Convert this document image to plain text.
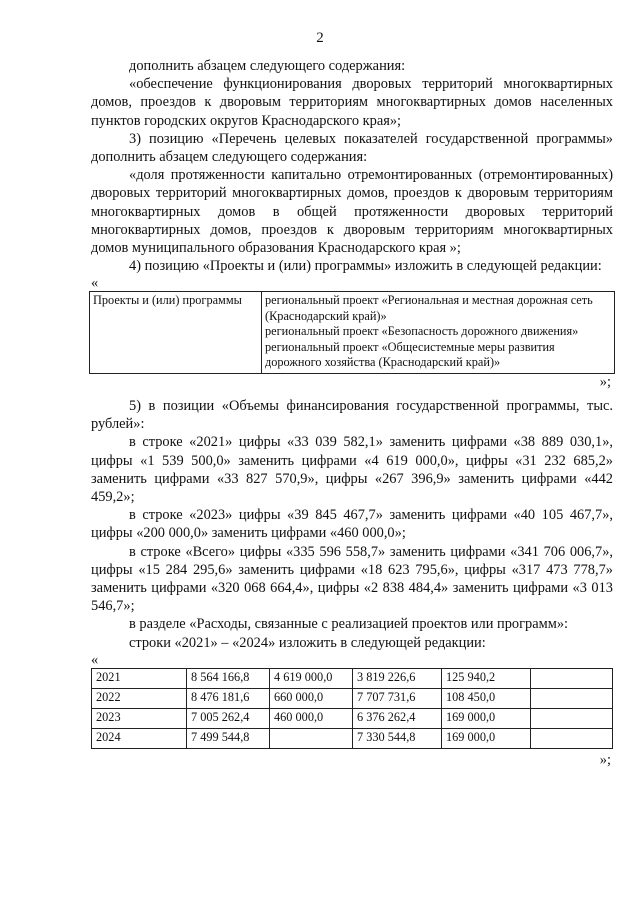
2

дополнить абзацем следующего содержания:

«обеспечение функционирования дворовых территорий многоквартирных домов, проездов к дворовым территориям многоквартирных домов населенных пунктов городских округов Краснодарского края»;

3) позицию «Перечень целевых показателей государственной программы» дополнить абзацем следующего содержания:

«доля протяженности капитально отремонтированных (отремонтированных) дворовых территорий многоквартирных домов, проездов к дворовым территориям многоквартирных домов в общей протяженности дворовых территорий многоквартирных домов, проездов к дворовым территориям многоквартирных домов муниципального образования Краснодарского края »;

4) позицию «Проекты и (или) программы» изложить в следующей редакции:

«

Проекты и (или) программы	региональный проект «Региональная и местная дорожная сеть (Краснодарский край)»
региональный проект «Безопасность дорожного движения»
региональный проект «Общесистемные меры развития дорожного хозяйства (Краснодарский край)»

»;

5) в позиции «Объемы финансирования государственной программы, тыс. рублей»:

в строке «2021» цифры «33 039 582,1» заменить цифрами «38 889 030,1», цифры «1 539 500,0» заменить цифрами «4 619 000,0», цифры «31 232 685,2» заменить цифрами «33 827 570,9», цифры «267 396,9» заменить цифрами «442 459,2»;

в строке «2023» цифры «39 845 467,7» заменить цифрами «40 105 467,7», цифры «200 000,0» заменить цифрами «460 000,0»;

в строке «Всего» цифры «335 596 558,7» заменить цифрами «341 706 006,7», цифры «15 284 295,6» заменить цифрами «18 623 795,6», цифры «317 473 778,7» заменить цифрами «320 068 664,4», цифры «2 838 484,4» заменить цифрами «3 013 546,7»;

в разделе «Расходы, связанные с реализацией проектов или программ»:

строки «2021» – «2024» изложить в следующей редакции:

«

2021	8 564 166,8	4 619 000,0	3 819 226,6	125 940,2	
2022	8 476 181,6	660 000,0	7 707 731,6	108 450,0	
2023	7 005 262,4	460 000,0	6 376 262,4	169 000,0	
2024	7 499 544,8		7 330 544,8	169 000,0	

»;
